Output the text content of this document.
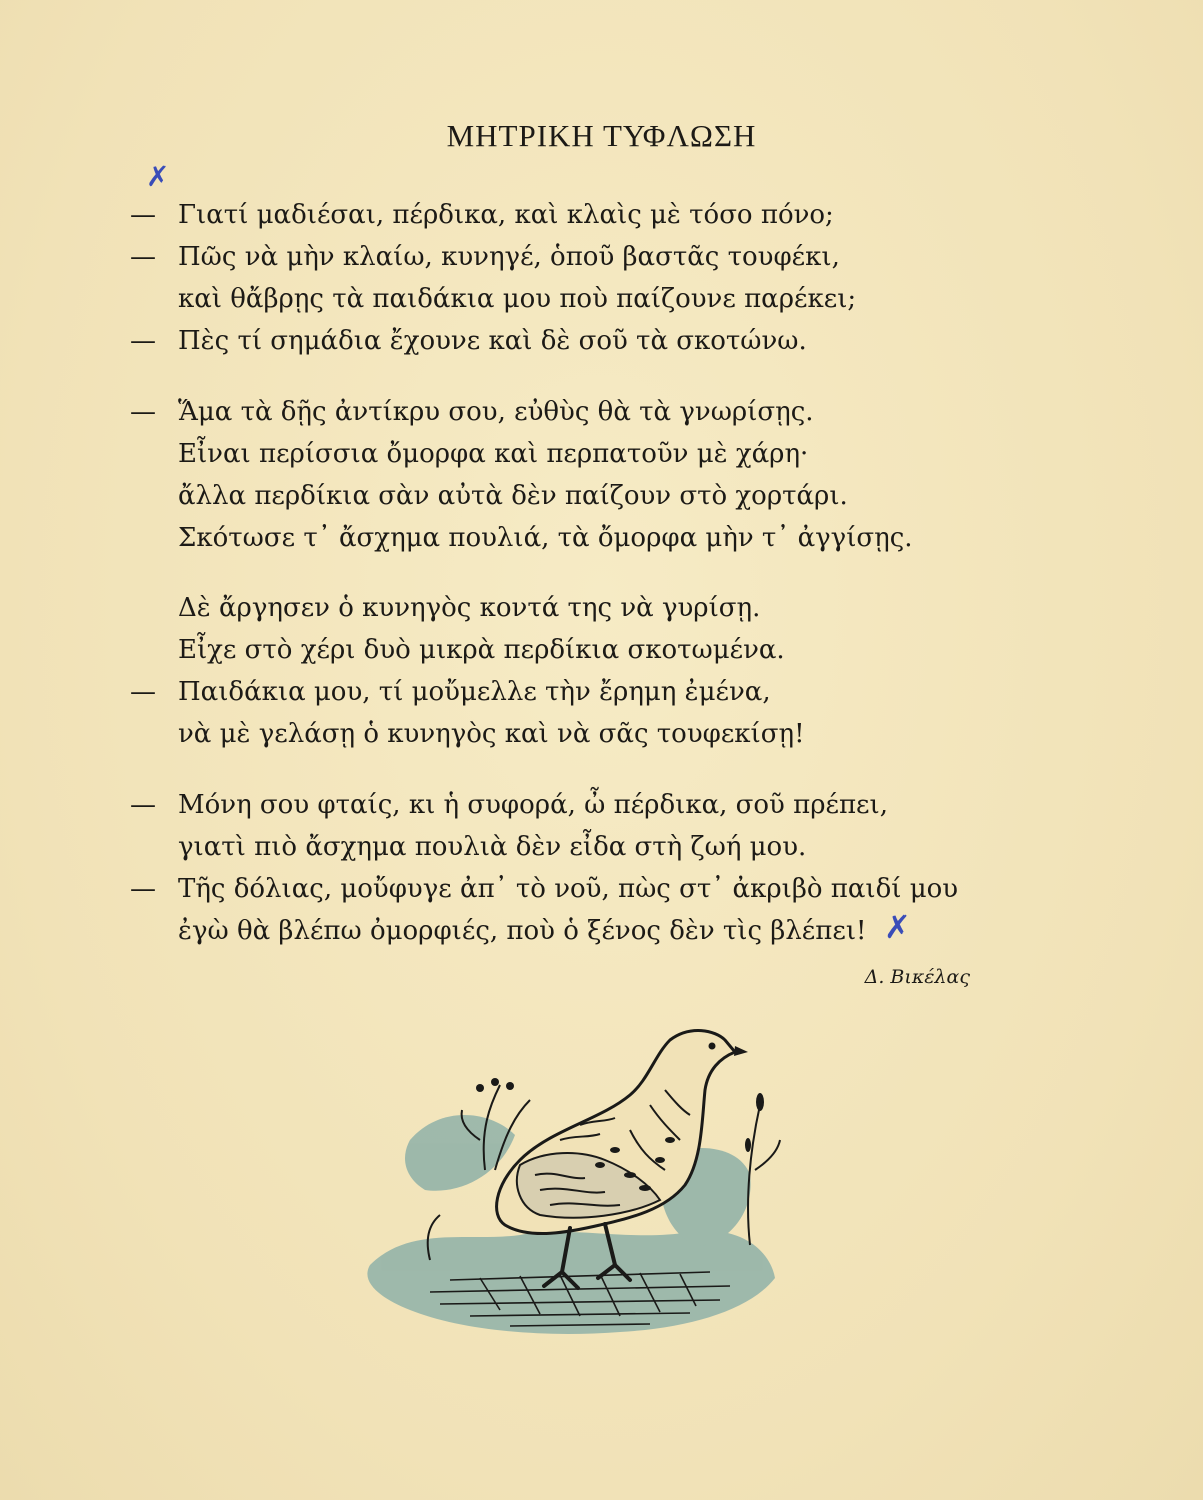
ΜΗΤΡΙΚΗ ΤΥΦΛΩΣΗ
✗
— Γιατί μαδιέσαι, πέρδικα, καὶ κλαὶς μὲ τόσο πόνο;
— Πῶς νὰ μὴν κλαίω, κυνηγέ, ὁποῦ βαστᾶς τουφέκι,
καὶ θἄβρῃς τὰ παιδάκια μου ποὺ παίζουνε παρέκει;
— Πὲς τί σημάδια ἔχουνε καὶ δὲ σοῦ τὰ σκοτώνω.
— Ἅμα τὰ δῇς ἀντίκρυ σου, εὐθὺς θὰ τὰ γνωρίσῃς.
Εἶναι περίσσια ὄμορφα καὶ περπατοῦν μὲ χάρη·
ἄλλα περδίκια σὰν αὐτὰ δὲν παίζουν στὸ χορτάρι.
Σκότωσε τ᾽ ἄσχημα πουλιά, τὰ ὄμορφα μὴν τ᾽ ἀγγίσῃς.
Δὲ ἄργησεν ὁ κυνηγὸς κοντά της νὰ γυρίσῃ.
Εἶχε στὸ χέρι δυὸ μικρὰ περδίκια σκοτωμένα.
— Παιδάκια μου, τί μοὔμελλε τὴν ἔρημη ἐμένα,
νὰ μὲ γελάσῃ ὁ κυνηγὸς καὶ νὰ σᾶς τουφεκίσῃ!
— Μόνη σου φταίς, κι ἡ συφορά, ὦ πέρδικα, σοῦ πρέπει,
γιατὶ πιὸ ἄσχημα πουλιὰ δὲν εἶδα στὴ ζωή μου.
— Τῆς δόλιας, μοὔφυγε ἀπ᾽ τὸ νοῦ, πὼς στ᾽ ἀκριβὸ παιδί μου
ἐγὼ θὰ βλέπω ὀμορφιές, ποὺ ὁ ξένος δὲν τὶς βλέπει! ✗
Δ. Βικέλας
